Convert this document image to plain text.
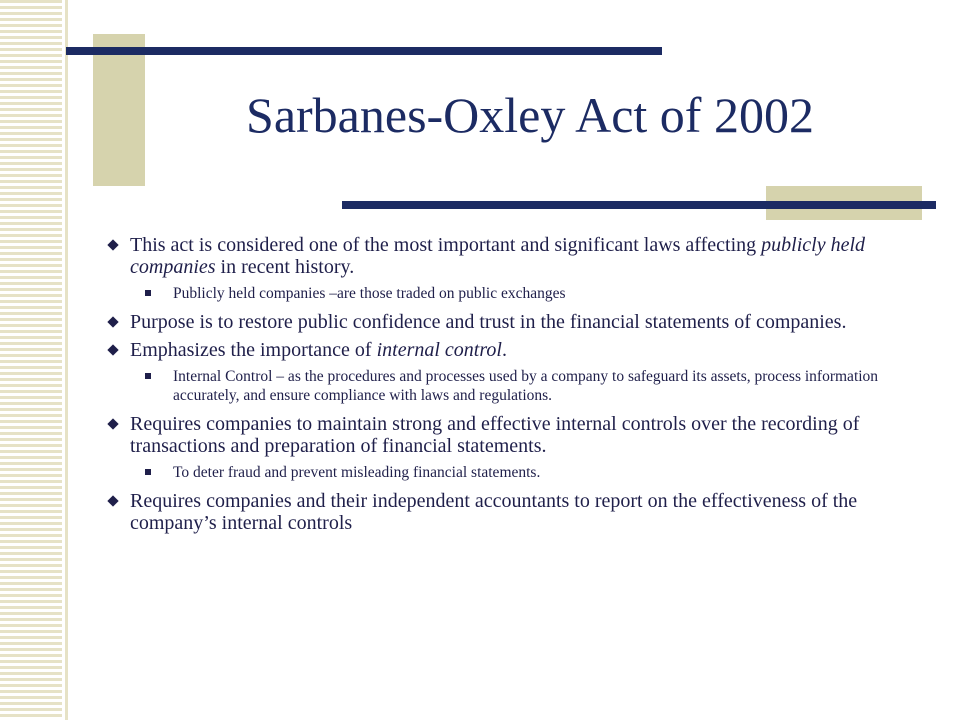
Sarbanes-Oxley Act of 2002
This act is considered one of the most important and significant laws affecting publicly held companies in recent history.
Publicly held companies –are those traded on public exchanges
Purpose is to restore public confidence and trust in the financial statements of companies.
Emphasizes the importance of internal control.
Internal Control – as the procedures and processes used by a company to safeguard its assets, process information accurately, and ensure compliance with laws and regulations.
Requires companies to maintain strong and effective internal controls over the recording of transactions and preparation of financial statements.
To deter fraud and prevent misleading financial statements.
Requires companies and their independent accountants to report on the effectiveness of the company’s internal controls
